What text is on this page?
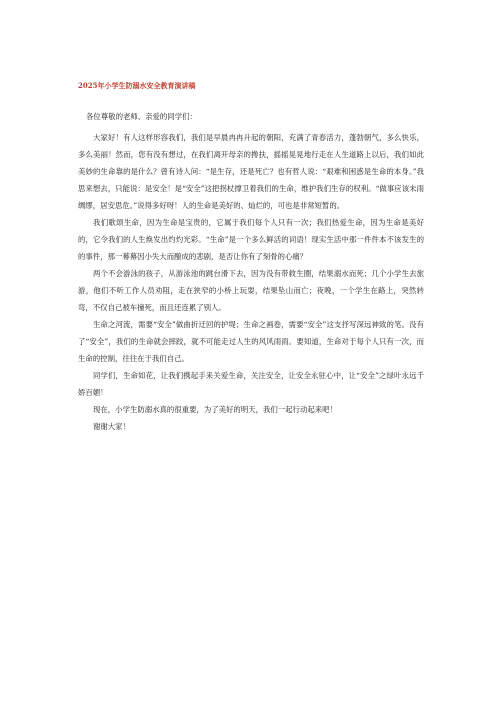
2025年小学生防溺水安全教育演讲稿

各位尊敬的老师、亲爱的同学们：

大家好！有人这样形容我们，我们是早晨冉冉升起的朝阳，充满了青春活力，蓬勃朝气，多么快乐，多么美丽！然而，您有没有想过，在我们离开母亲的搀扶，摇摇晃晃地行走在人生道路上以后，我们如此美妙的生命靠的是什么？曾有诗人问：“是生存，还是死亡？也有哲人说：“艰难和困惑是生命的本身。”我思来想去，只能说：是安全！是“安全”这把拐杖撑卫着我们的生命，维护我们生存的权利。“做事应该未雨绸缪，居安思危。”说得多好呀！人的生命是美好的、灿烂的，可也是非常短暂的。

我们歌颂生命，因为生命是宝贵的，它属于我们每个人只有一次；我们热爱生命，因为生命是美好的，它令我们的人生焕发出灼灼光彩。“生命”是一个多么鲜活的词语！现实生活中那一件件本不该发生的的事件，那一幕幕因小失大而酿成的悲剧，是否让你有了刻骨的心痛？

两个不会游泳的孩子，从游泳池的跳台滑下去，因为没有带救生圈，结果溺水而死；几个小学生去旅游，他们不听工作人员劝阻，走在狭窄的小桥上玩耍，结果坠山而亡；夜晚，一个学生在路上，突然转弯，不仅自己被车撞死，而且还连累了别人。

生命之河流，需要“安全”做曲折迂回的护堤；生命之画卷，需要“安全”这支抒写深远神致的笔。没有了“安全”，我们的生命就会摔跤，就不可能走过人生的风风雨雨。要知道，生命对于每个人只有一次，而生命的控制，往往在于我们自己。

同学们，生命如花，让我们携起手来关爱生命，关注安全，让安全永驻心中，让“安全”之绿叶永远千娇百媚！

现在，小学生防溺水真的很重要，为了美好的明天，我们一起行动起来吧！

谢谢大家！
